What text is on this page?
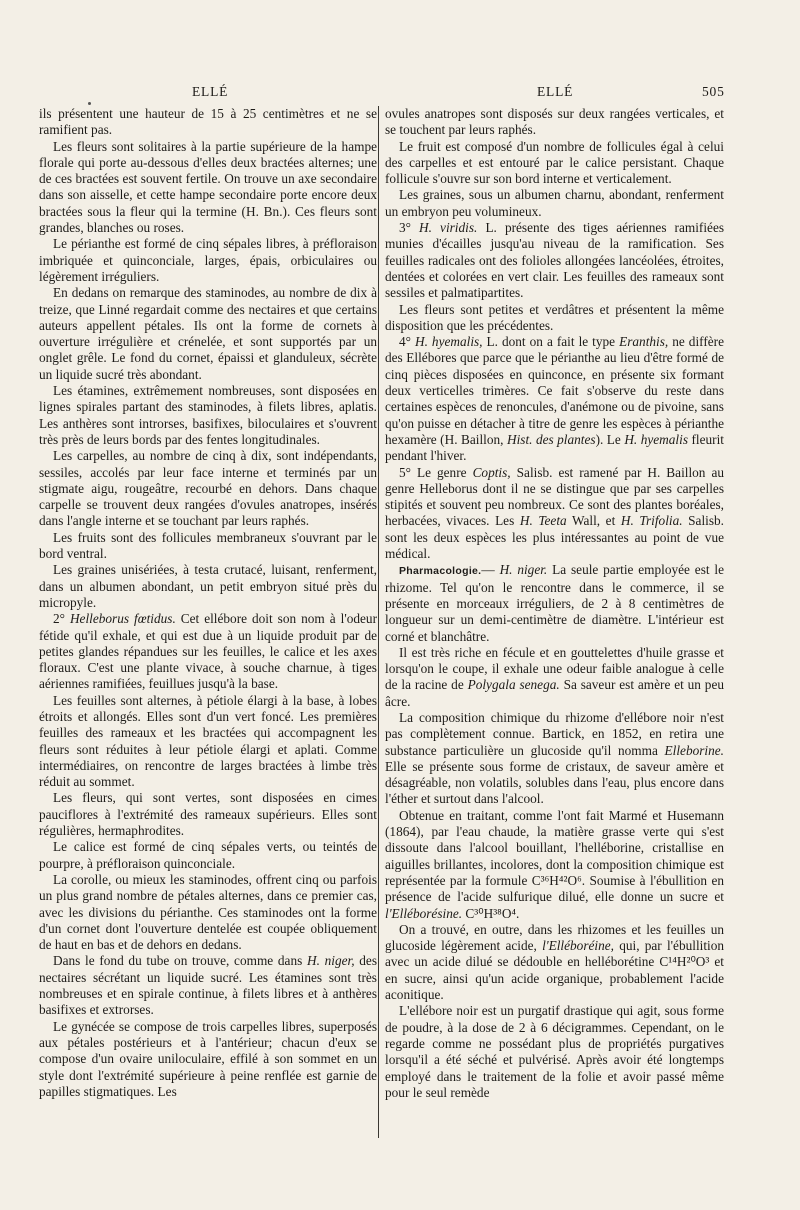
ELLÉ	ELLÉ	505

ils présentent une hauteur de 15 à 25 centimètres et ne se ramifient pas.

Les fleurs sont solitaires à la partie supérieure de la hampe florale qui porte au-dessous d'elles deux bractées alternes; une de ces bractées est souvent fertile. On trouve un axe secondaire dans son aisselle, et cette hampe secondaire porte encore deux bractées sous la fleur qui la termine (H. Bn.). Ces fleurs sont grandes, blanches ou roses.

Le périanthe est formé de cinq sépales libres, à préfloraison imbriquée et quinconciale, larges, épais, orbiculaires ou légèrement irréguliers.

En dedans on remarque des staminodes, au nombre de dix à treize, que Linné regardait comme des nectaires et que certains auteurs appellent pétales. Ils ont la forme de cornets à ouverture irrégulière et crénelée, et sont supportés par un onglet grêle. Le fond du cornet, épaissi et glanduleux, sécrète un liquide sucré très abondant.

Les étamines, extrêmement nombreuses, sont disposées en lignes spirales partant des staminodes, à filets libres, aplatis. Les anthères sont introrses, basifixes, biloculaires et s'ouvrent très près de leurs bords par des fentes longitudinales.

Les carpelles, au nombre de cinq à dix, sont indépendants, sessiles, accolés par leur face interne et terminés par un stigmate aigu, rougeâtre, recourbé en dehors. Dans chaque carpelle se trouvent deux rangées d'ovules anatropes, insérés dans l'angle interne et se touchant par leurs raphés.

Les fruits sont des follicules membraneux s'ouvrant par le bord ventral.

Les graines unisériées, à testa crutacé, luisant, renferment, dans un albumen abondant, un petit embryon situé près du micropyle.

2° Helleborus fœtidus. Cet ellébore doit son nom à l'odeur fétide qu'il exhale, et qui est due à un liquide produit par de petites glandes répandues sur les feuilles, le calice et les axes floraux. C'est une plante vivace, à souche charnue, à tiges aériennes ramifiées, feuillues jusqu'à la base.

Les feuilles sont alternes, à pétiole élargi à la base, à lobes étroits et allongés. Elles sont d'un vert foncé. Les premières feuilles des rameaux et les bractées qui accompagnent les fleurs sont réduites à leur pétiole élargi et aplati. Comme intermédiaires, on rencontre de larges bractées à limbe très réduit au sommet.

Les fleurs, qui sont vertes, sont disposées en cimes pauciflores à l'extrémité des rameaux supérieurs. Elles sont régulières, hermaphrodites.

Le calice est formé de cinq sépales verts, ou teintés de pourpre, à préfloraison quinconciale.

La corolle, ou mieux les staminodes, offrent cinq ou parfois un plus grand nombre de pétales alternes, dans ce premier cas, avec les divisions du périanthe. Ces staminodes ont la forme d'un cornet dont l'ouverture dentelée est coupée obliquement de haut en bas et de dehors en dedans.

Dans le fond du tube on trouve, comme dans H. niger, des nectaires sécrétant un liquide sucré. Les étamines sont très nombreuses et en spirale continue, à filets libres et à anthères basifixes et extrorses.

Le gynécée se compose de trois carpelles libres, superposés aux pétales postérieurs et à l'antérieur; chacun d'eux se compose d'un ovaire uniloculaire, effilé à son sommet en un style dont l'extrémité supérieure à peine renflée est garnie de papilles stigmatiques. Les

ovules anatropes sont disposés sur deux rangées verticales, et se touchent par leurs raphés.

Le fruit est composé d'un nombre de follicules égal à celui des carpelles et est entouré par le calice persistant. Chaque follicule s'ouvre sur son bord interne et verticalement.

Les graines, sous un albumen charnu, abondant, renferment un embryon peu volumineux.

3° H. viridis. L. présente des tiges aériennes ramifiées munies d'écailles jusqu'au niveau de la ramification. Ses feuilles radicales ont des folioles allongées lancéolées, étroites, dentées et colorées en vert clair. Les feuilles des rameaux sont sessiles et palmatipartites.

Les fleurs sont petites et verdâtres et présentent la même disposition que les précédentes.

4° H. hyemalis, L. dont on a fait le type Eranthis, ne diffère des Ellébores que parce que le périanthe au lieu d'être formé de cinq pièces disposées en quinconce, en présente six formant deux verticelles trimères. Ce fait s'observe du reste dans certaines espèces de renoncules, d'anémone ou de pivoine, sans qu'on puisse en détacher à titre de genre les espèces à périanthe hexamère (H. Baillon, Hist. des plantes). Le H. hyemalis fleurit pendant l'hiver.

5° Le genre Coptis, Salisb. est ramené par H. Baillon au genre Helleborus dont il ne se distingue que par ses carpelles stipités et souvent peu nombreux. Ce sont des plantes boréales, herbacées, vivaces. Les H. Teeta Wall, et H. Trifolia. Salisb. sont les deux espèces les plus intéressantes au point de vue médical.

Pharmacologie.— H. niger. La seule partie employée est le rhizome. Tel qu'on le rencontre dans le commerce, il se présente en morceaux irréguliers, de 2 à 8 centimètres de longueur sur un demi-centimètre de diamètre. L'intérieur est corné et blanchâtre.

Il est très riche en fécule et en gouttelettes d'huile grasse et lorsqu'on le coupe, il exhale une odeur faible analogue à celle de la racine de Polygala senega. Sa saveur est amère et un peu âcre.

La composition chimique du rhizome d'ellébore noir n'est pas complètement connue. Bartick, en 1852, en retira une substance particulière un glucoside qu'il nomma Elleborine. Elle se présente sous forme de cristaux, de saveur amère et désagréable, non volatils, solubles dans l'eau, plus encore dans l'éther et surtout dans l'alcool.

Obtenue en traitant, comme l'ont fait Marmé et Husemann (1864), par l'eau chaude, la matière grasse verte qui s'est dissoute dans l'alcool bouillant, l'helléborine, cristallise en aiguilles brillantes, incolores, dont la composition chimique est représentée par la formule C³⁶H⁴²O⁶. Soumise à l'ébullition en présence de l'acide sulfurique dilué, elle donne un sucre et l'Elléborésine. C³⁰H³⁸O⁴.

On a trouvé, en outre, dans les rhizomes et les feuilles un glucoside légèrement acide, l'Elléboréine, qui, par l'ébullition avec un acide dilué se dédouble en helléborétine C¹⁴H²⁰O³ et en sucre, ainsi qu'un acide organique, probablement l'acide aconitique.

L'ellébore noir est un purgatif drastique qui agit, sous forme de poudre, à la dose de 2 à 6 décigrammes. Cependant, on le regarde comme ne possédant plus de propriétés purgatives lorsqu'il a été séché et pulvérisé. Après avoir été longtemps employé dans le traitement de la folie et avoir passé même pour le seul remède
